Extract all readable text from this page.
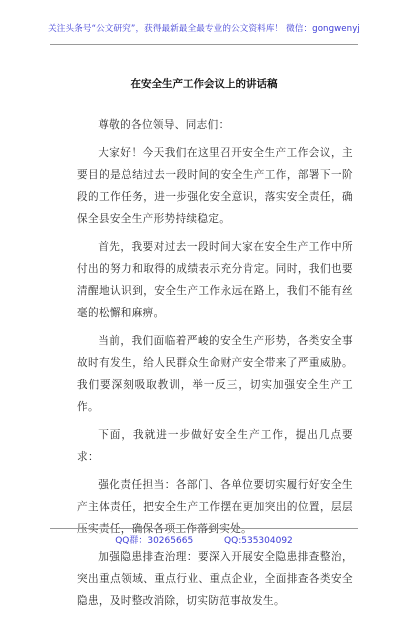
关注头条号“公文研究”，获得最新最全最专业的公文资料库！ 微信：gongwenyj
在安全生产工作会议上的讲话稿

尊敬的各位领导、同志们：

大家好！今天我们在这里召开安全生产工作会议，主要目的是总结过去一段时间的安全生产工作，部署下一阶段的工作任务，进一步强化安全意识，落实安全责任，确保全县安全生产形势持续稳定。

首先，我要对过去一段时间大家在安全生产工作中所付出的努力和取得的成绩表示充分肯定。同时，我们也要清醒地认识到，安全生产工作永远在路上，我们不能有丝毫的松懈和麻痹。

当前，我们面临着严峻的安全生产形势，各类安全事故时有发生，给人民群众生命财产安全带来了严重威胁。我们要深刻吸取教训，举一反三，切实加强安全生产工作。

下面，我就进一步做好安全生产工作，提出几点要求：

强化责任担当：各部门、各单位要切实履行好安全生产主体责任，把安全生产工作摆在更加突出的位置，层层压实责任，确保各项工作落到实处。

加强隐患排查治理：要深入开展安全隐患排查整治，突出重点领域、重点行业、重点企业，全面排查各类安全隐患，及时整改消除，切实防范事故发生。

QQ群：30265665	QQ:535304092
